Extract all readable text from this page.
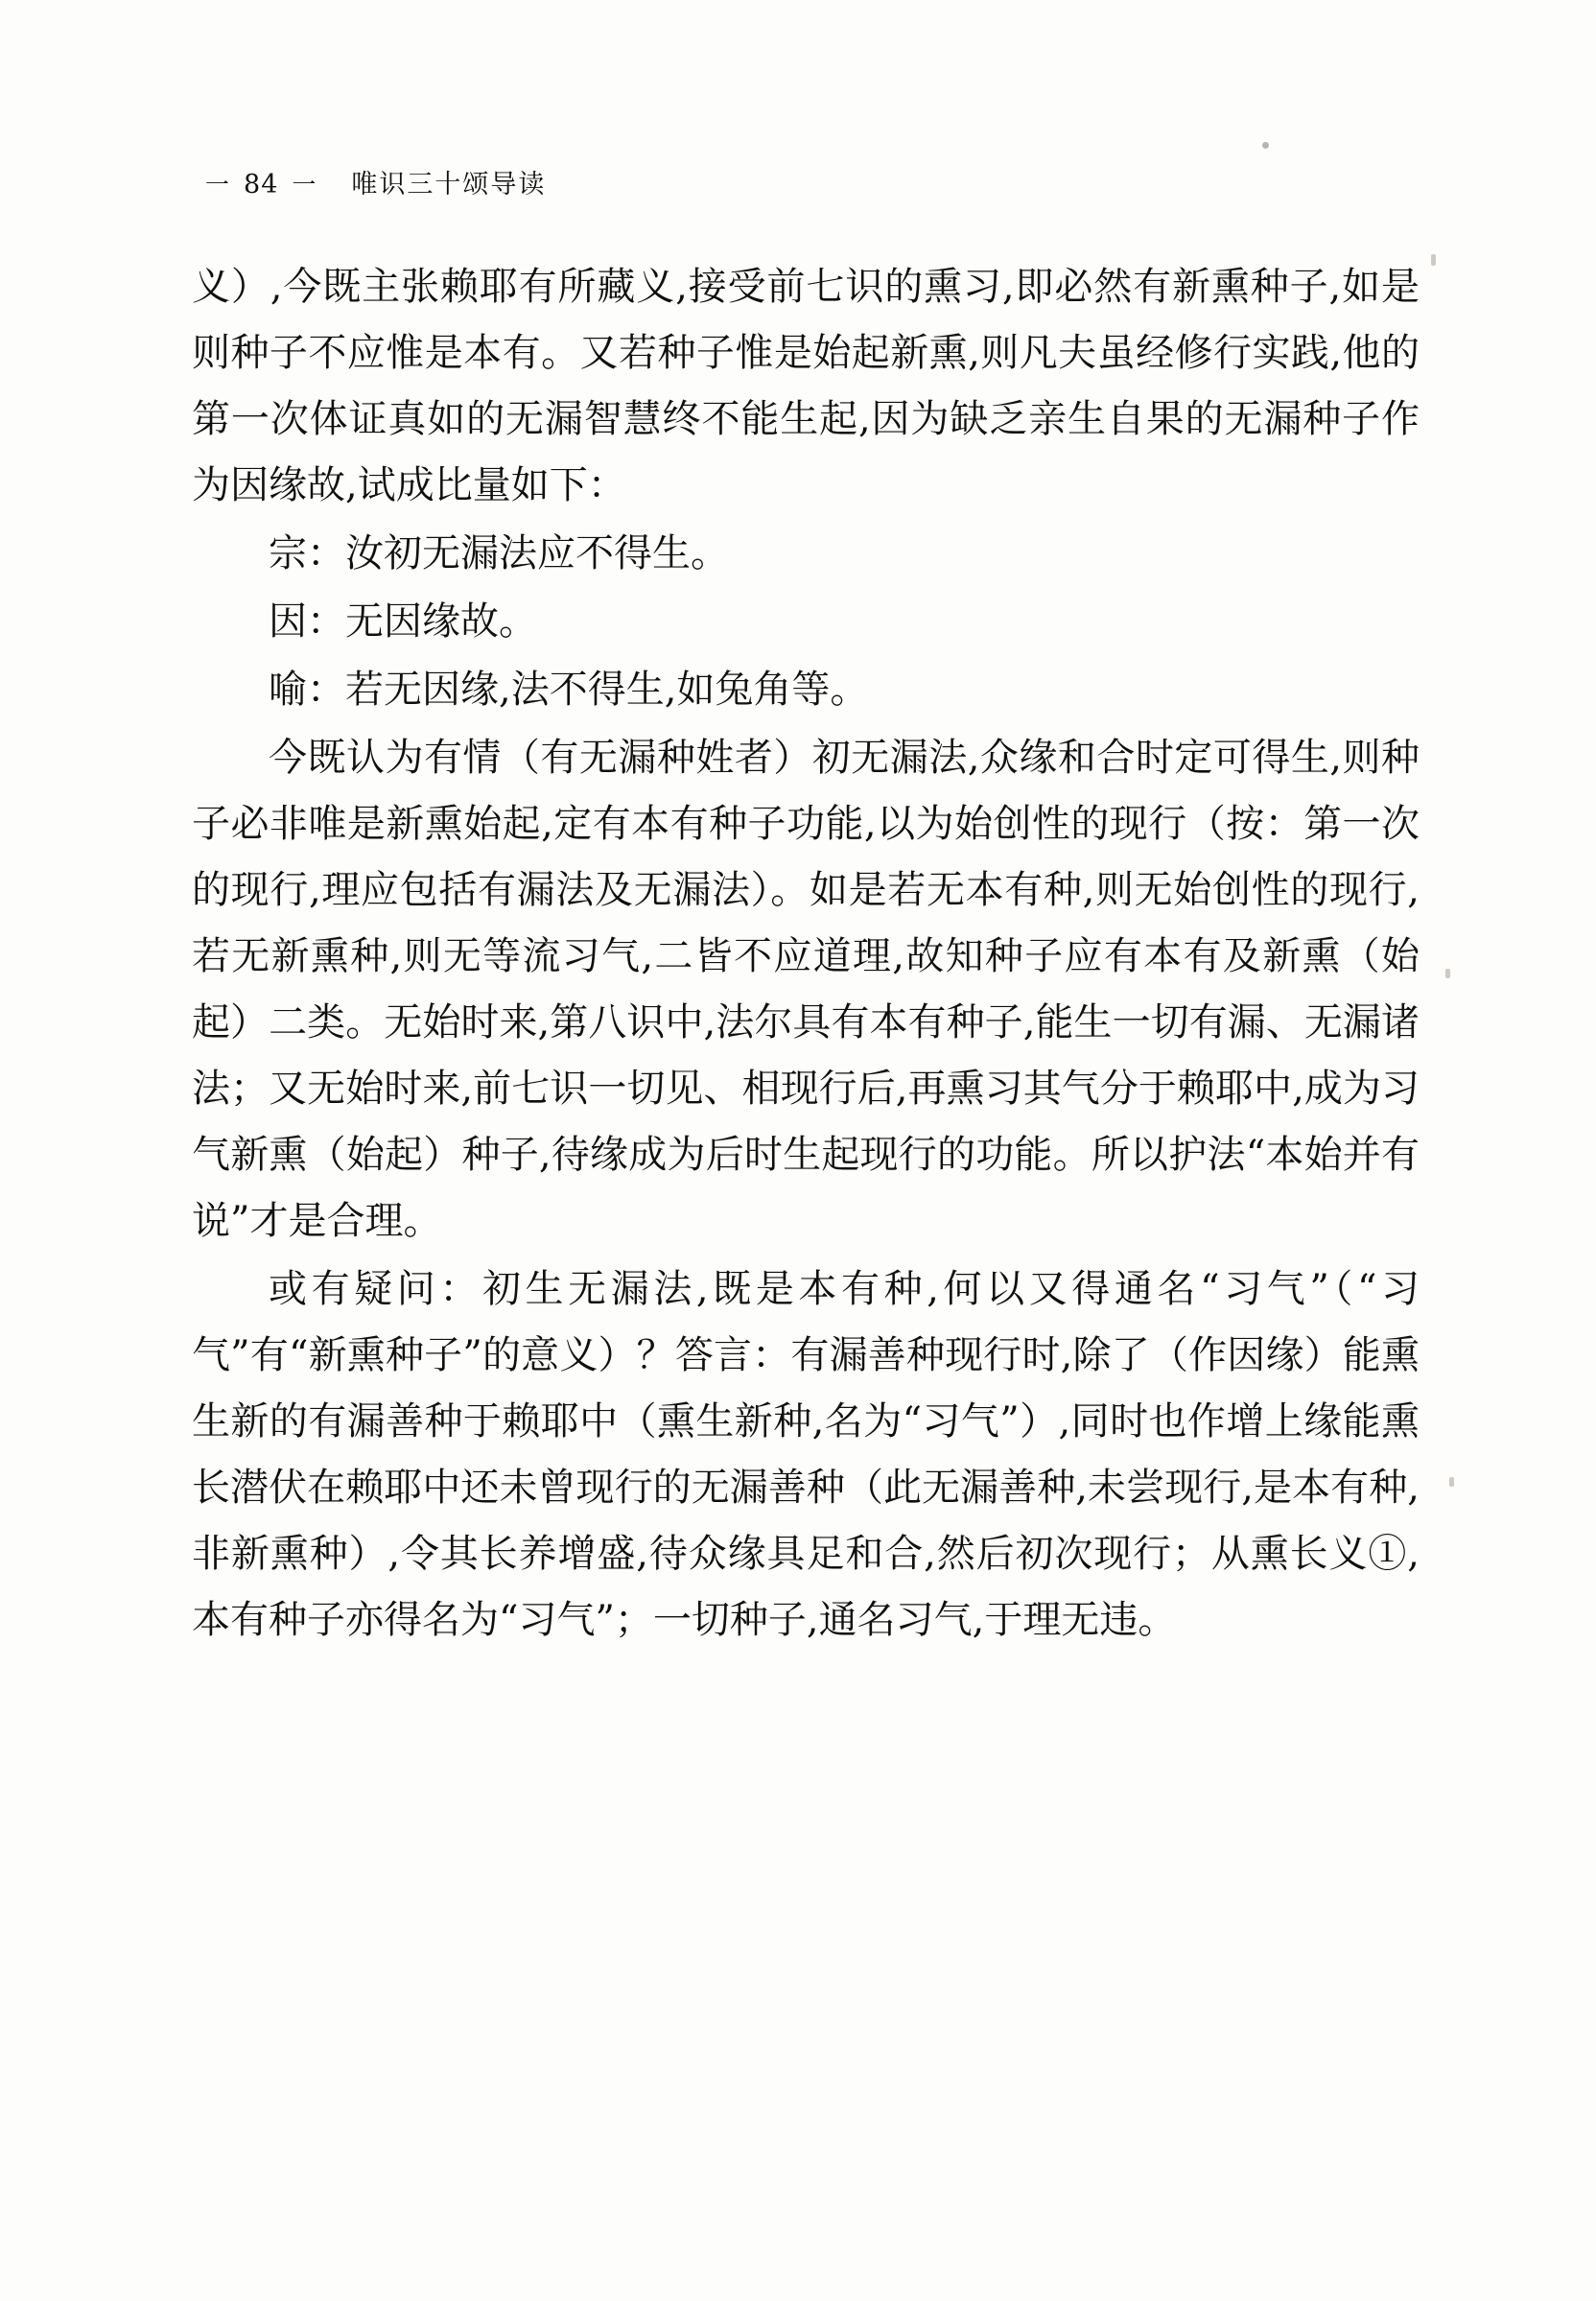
一 84 一 唯识三十颂导读

义）,今既主张赖耶有所藏义,接受前七识的熏习,即必然有新熏种子,如是则种子不应惟是本有。又若种子惟是始起新熏,则凡夫虽经修行实践,他的第一次体证真如的无漏智慧终不能生起,因为缺乏亲生自果的无漏种子作为因缘故,试成比量如下：

宗：汝初无漏法应不得生。

因：无因缘故。

喻：若无因缘,法不得生,如兔角等。

今既认为有情（有无漏种姓者）初无漏法,众缘和合时定可得生,则种子必非唯是新熏始起,定有本有种子功能,以为始创性的现行（按：第一次的现行,理应包括有漏法及无漏法）。如是若无本有种,则无始创性的现行,若无新熏种,则无等流习气,二皆不应道理,故知种子应有本有及新熏（始起）二类。无始时来,第八识中,法尔具有本有种子,能生一切有漏、无漏诸法；又无始时来,前七识一切见、相现行后,再熏习其气分于赖耶中,成为习气新熏（始起）种子,待缘成为后时生起现行的功能。所以护法“本始并有说”才是合理。

或有疑问：初生无漏法,既是本有种,何以又得通名“习气”（“习气”有“新熏种子”的意义）？答言：有漏善种现行时,除了（作因缘）能熏生新的有漏善种于赖耶中（熏生新种,名为“习气”）,同时也作增上缘能熏长潜伏在赖耶中还未曾现行的无漏善种（此无漏善种,未尝现行,是本有种,非新熏种）,令其长养增盛,待众缘具足和合,然后初次现行；从熏长义①,本有种子亦得名为“习气”；一切种子,通名习气,于理无违。
